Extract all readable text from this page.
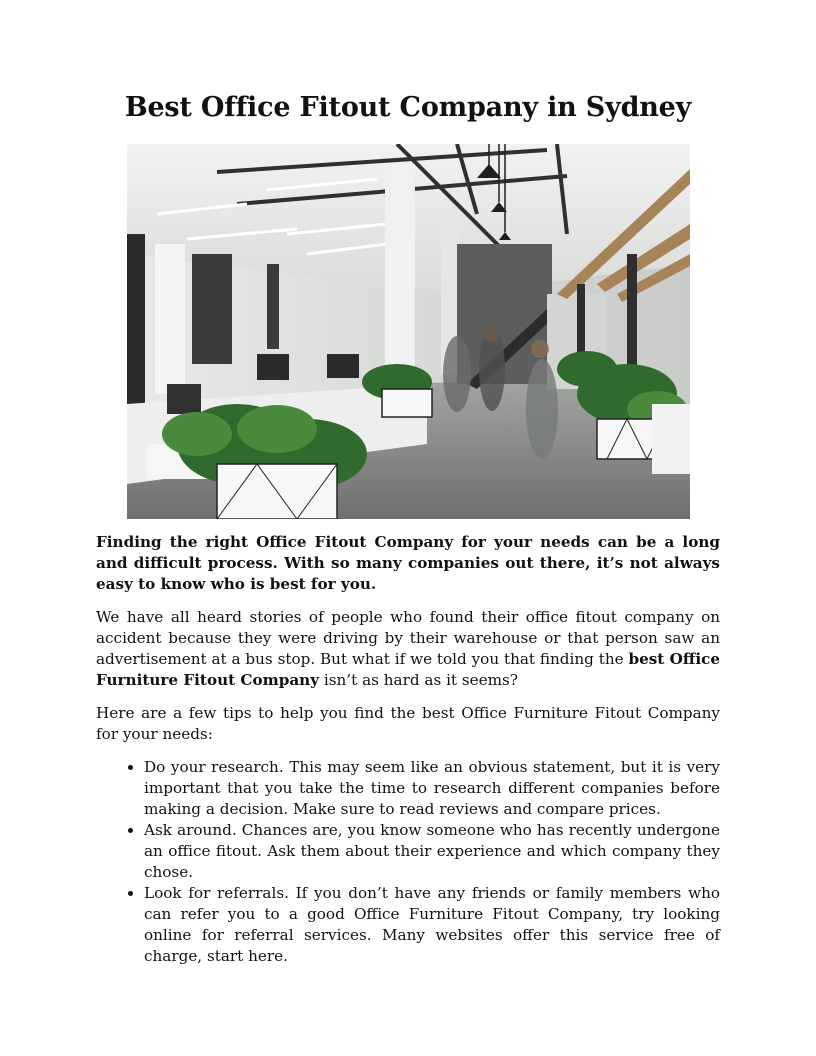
Best Office Fitout Company in Sydney

Finding the right Office Fitout Company for your needs can be a long and difficult process. With so many companies out there, it’s not always easy to know who is best for you.

We have all heard stories of people who found their office fitout company on accident because they were driving by their warehouse or that person saw an advertisement at a bus stop. But what if we told you that finding the best Office Furniture Fitout Company isn’t as hard as it seems?

Here are a few tips to help you find the best Office Furniture Fitout Company for your needs:

• Do your research. This may seem like an obvious statement, but it is very important that you take the time to research different companies before making a decision. Make sure to read reviews and compare prices.
• Ask around. Chances are, you know someone who has recently undergone an office fitout. Ask them about their experience and which company they chose.
• Look for referrals. If you don’t have any friends or family members who can refer you to a good Office Furniture Fitout Company, try looking online for referral services. Many websites offer this service free of charge, start here.
